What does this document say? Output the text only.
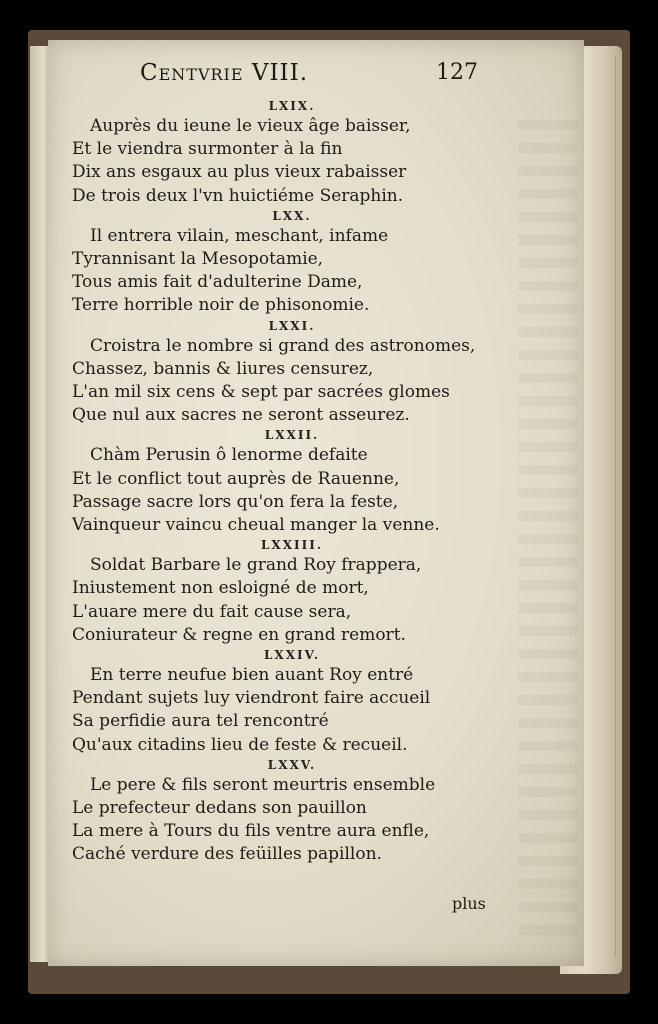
Centvrie VIII.	127
LXIX.
Auprès du ieune le vieux âge baisser,
Et le viendra surmonter à la fin
Dix ans esgaux au plus vieux rabaisser
De trois deux l'vn huictiéme Seraphin.
LXX.
Il entrera vilain, meschant, infame
Tyrannisant la Mesopotamie,
Tous amis fait d'adulterine Dame,
Terre horrible noir de phisonomie.
LXXI.
Croistra le nombre si grand des astronomes,
Chassez, bannis & liures censurez,
L'an mil six cens & sept par sacrées glomes
Que nul aux sacres ne seront asseurez.
LXXII.
Chàm Perusin ô lenorme defaite
Et le conflict tout auprès de Rauenne,
Passage sacre lors qu'on fera la feste,
Vainqueur vaincu cheual manger la venne.
LXXIII.
Soldat Barbare le grand Roy frappera,
Iniustement non esloigné de mort,
L'auare mere du fait cause sera,
Coniurateur & regne en grand remort.
LXXIV.
En terre neufue bien auant Roy entré
Pendant sujets luy viendront faire accueil
Sa perfidie aura tel rencontré
Qu'aux citadins lieu de feste & recueil.
LXXV.
Le pere & fils seront meurtris ensemble
Le prefecteur dedans son pauillon
La mere à Tours du fils ventre aura enfle,
Caché verdure des feüilles papillon.
plus
